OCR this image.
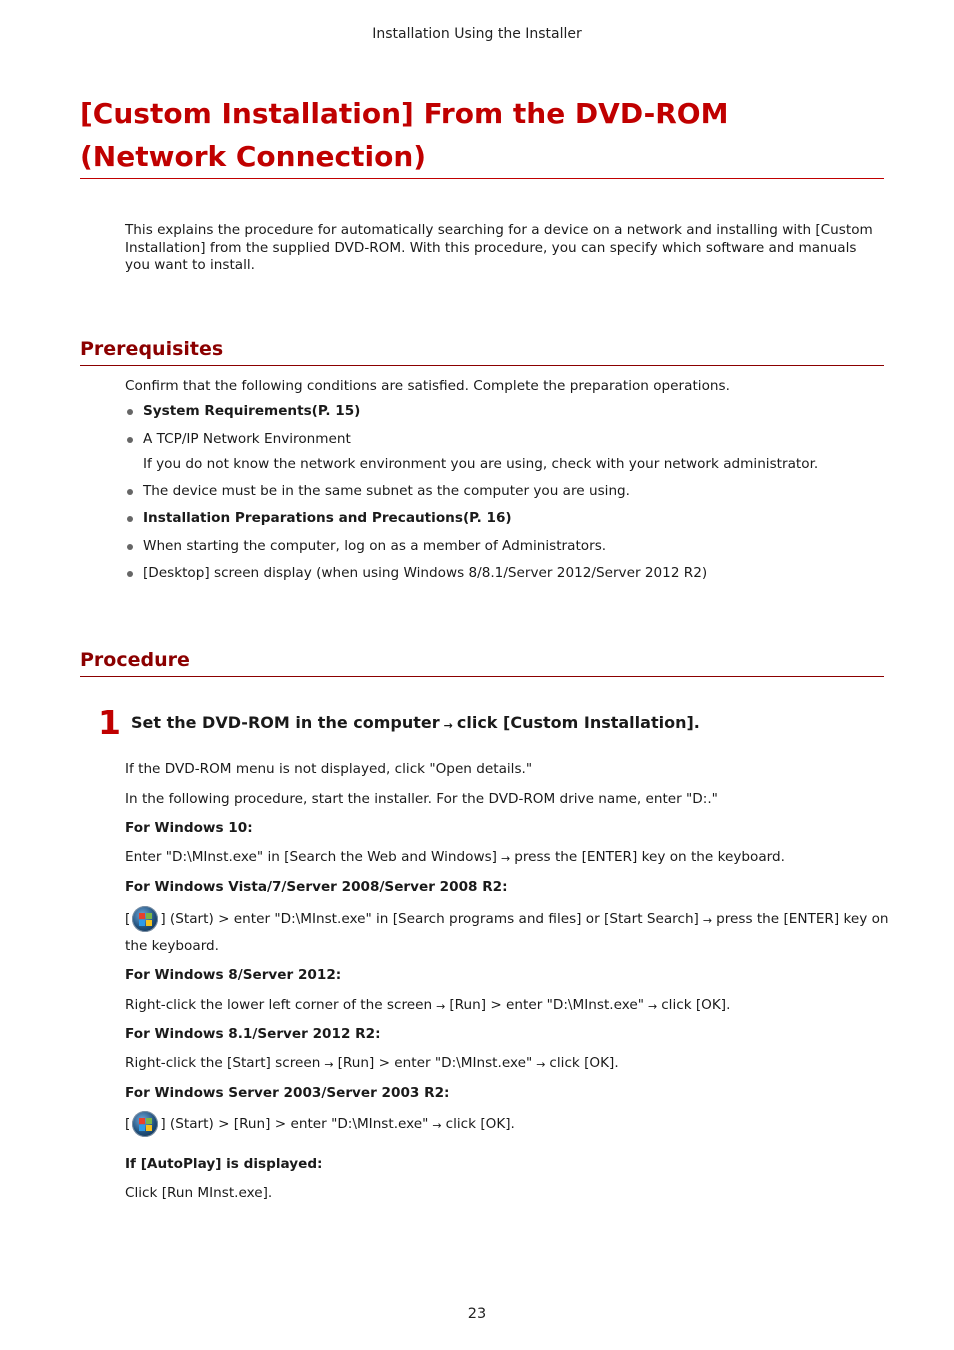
Installation Using the Installer
[Custom Installation] From the DVD-ROM (Network Connection)

This explains the procedure for automatically searching for a device on a network and installing with [Custom Installation] from the supplied DVD-ROM. With this procedure, you can specify which software and manuals you want to install.

Prerequisites
Confirm that the following conditions are satisfied. Complete the preparation operations.
System Requirements(P. 15)
A TCP/IP Network Environment
If you do not know the network environment you are using, check with your network administrator.
The device must be in the same subnet as the computer you are using.
Installation Preparations and Precautions(P. 16)
When starting the computer, log on as a member of Administrators.
[Desktop] screen display (when using Windows 8/8.1/Server 2012/Server 2012 R2)
Procedure
1 Set the DVD-ROM in the computer → click [Custom Installation].
If the DVD-ROM menu is not displayed, click "Open details."
In the following procedure, start the installer. For the DVD-ROM drive name, enter "D:."
For Windows 10:
Enter "D:\MInst.exe" in [Search the Web and Windows] → press the [ENTER] key on the keyboard.
For Windows Vista/7/Server 2008/Server 2008 R2:
[ ] (Start) > enter "D:\MInst.exe" in [Search programs and files] or [Start Search] → press the [ENTER] key on
the keyboard.
For Windows 8/Server 2012:
Right-click the lower left corner of the screen → [Run] > enter "D:\MInst.exe" → click [OK].
For Windows 8.1/Server 2012 R2:
Right-click the [Start] screen → [Run] > enter "D:\MInst.exe" → click [OK].
For Windows Server 2003/Server 2003 R2:
[ ] (Start) > [Run] > enter "D:\MInst.exe" → click [OK].
If [AutoPlay] is displayed:
Click [Run MInst.exe].
23
